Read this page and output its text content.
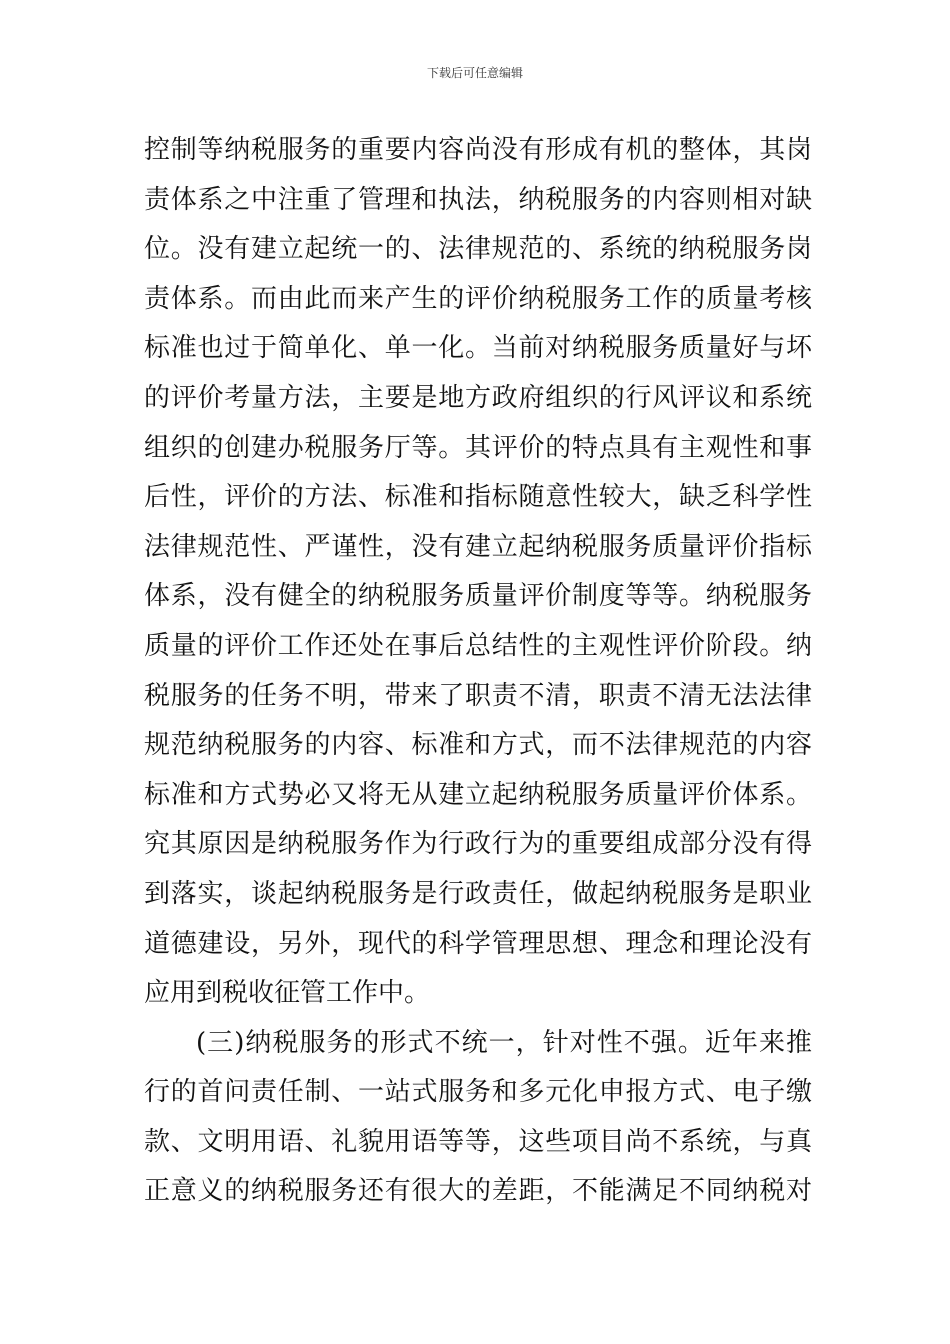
下载后可任意编辑
控制等纳税服务的重要内容尚没有形成有机的整体，其岗
责体系之中注重了管理和执法，纳税服务的内容则相对缺
位。没有建立起统一的、法律规范的、系统的纳税服务岗
责体系。而由此而来产生的评价纳税服务工作的质量考核
标准也过于简单化、单一化。当前对纳税服务质量好与坏
的评价考量方法，主要是地方政府组织的行风评议和系统
组织的创建办税服务厅等。其评价的特点具有主观性和事
后性，评价的方法、标准和指标随意性较大，缺乏科学性
法律规范性、严谨性，没有建立起纳税服务质量评价指标
体系，没有健全的纳税服务质量评价制度等等。纳税服务
质量的评价工作还处在事后总结性的主观性评价阶段。纳
税服务的任务不明，带来了职责不清，职责不清无法法律
规范纳税服务的内容、标准和方式，而不法律规范的内容
标准和方式势必又将无从建立起纳税服务质量评价体系。
究其原因是纳税服务作为行政行为的重要组成部分没有得
到落实，谈起纳税服务是行政责任，做起纳税服务是职业
道德建设，另外，现代的科学管理思想、理念和理论没有
应用到税收征管工作中。
(三)纳税服务的形式不统一，针对性不强。近年来推
行的首问责任制、一站式服务和多元化申报方式、电子缴
款、文明用语、礼貌用语等等，这些项目尚不系统，与真
正意义的纳税服务还有很大的差距，不能满足不同纳税对
